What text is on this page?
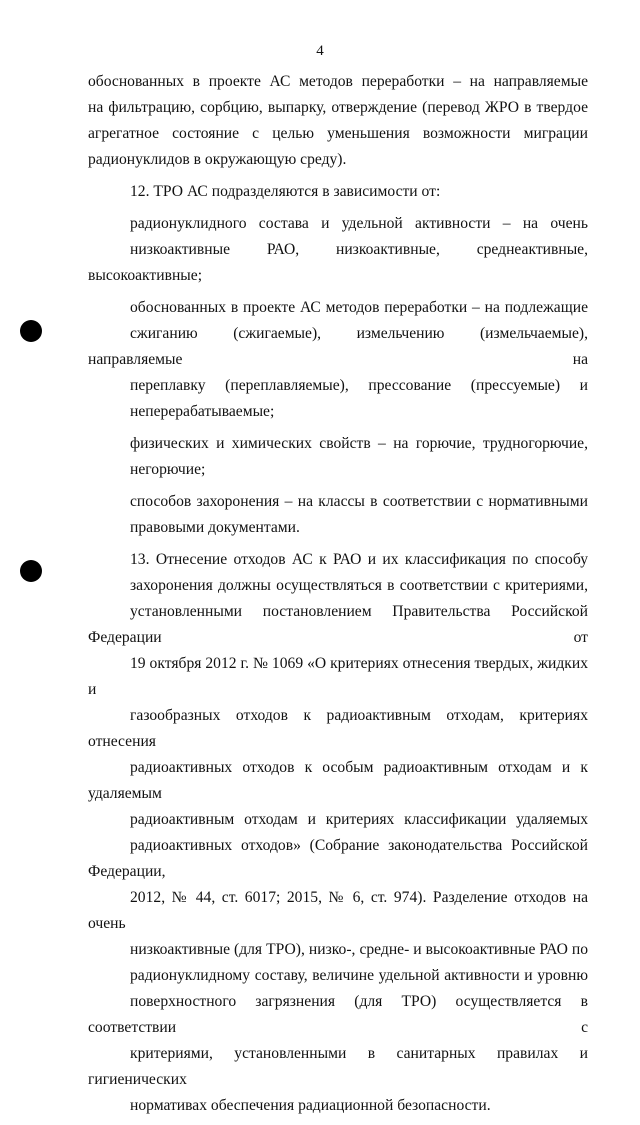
4

обоснованных в проекте АС методов переработки – на направляемые
на фильтрацию, сорбцию, выпарку, отверждение (перевод ЖРО в твердое
агрегатное состояние с целью уменьшения возможности миграции
радионуклидов в окружающую среду).

12. ТРО АС подразделяются в зависимости от:

радионуклидного состава и удельной активности – на очень
низкоактивные РАО, низкоактивные, среднеактивные, высокоактивные;

обоснованных в проекте АС методов переработки – на подлежащие
сжиганию (сжигаемые), измельчению (измельчаемые), направляемые на
переплавку (переплавляемые), прессование (прессуемые) и
неперерабатываемые;

физических и химических свойств – на горючие, трудногорючие,
негорючие;

способов захоронения – на классы в соответствии с нормативными
правовыми документами.

13. Отнесение отходов АС к РАО и их классификация по способу
захоронения должны осуществляться в соответствии с критериями,
установленными постановлением Правительства Российской Федерации от
19 октября 2012 г. № 1069 «О критериях отнесения твердых, жидких и
газообразных отходов к радиоактивным отходам, критериях отнесения
радиоактивных отходов к особым радиоактивным отходам и к удаляемым
радиоактивным отходам и критериях классификации удаляемых
радиоактивных отходов» (Собрание законодательства Российской Федерации,
2012, № 44, ст. 6017; 2015, № 6, ст. 974). Разделение отходов на очень
низкоактивные (для ТРО), низко-, средне- и высокоактивные РАО по
радионуклидному составу, величине удельной активности и уровню
поверхностного загрязнения (для ТРО) осуществляется в соответствии с
критериями, установленными в санитарных правилах и гигиенических
нормативах обеспечения радиационной безопасности.
